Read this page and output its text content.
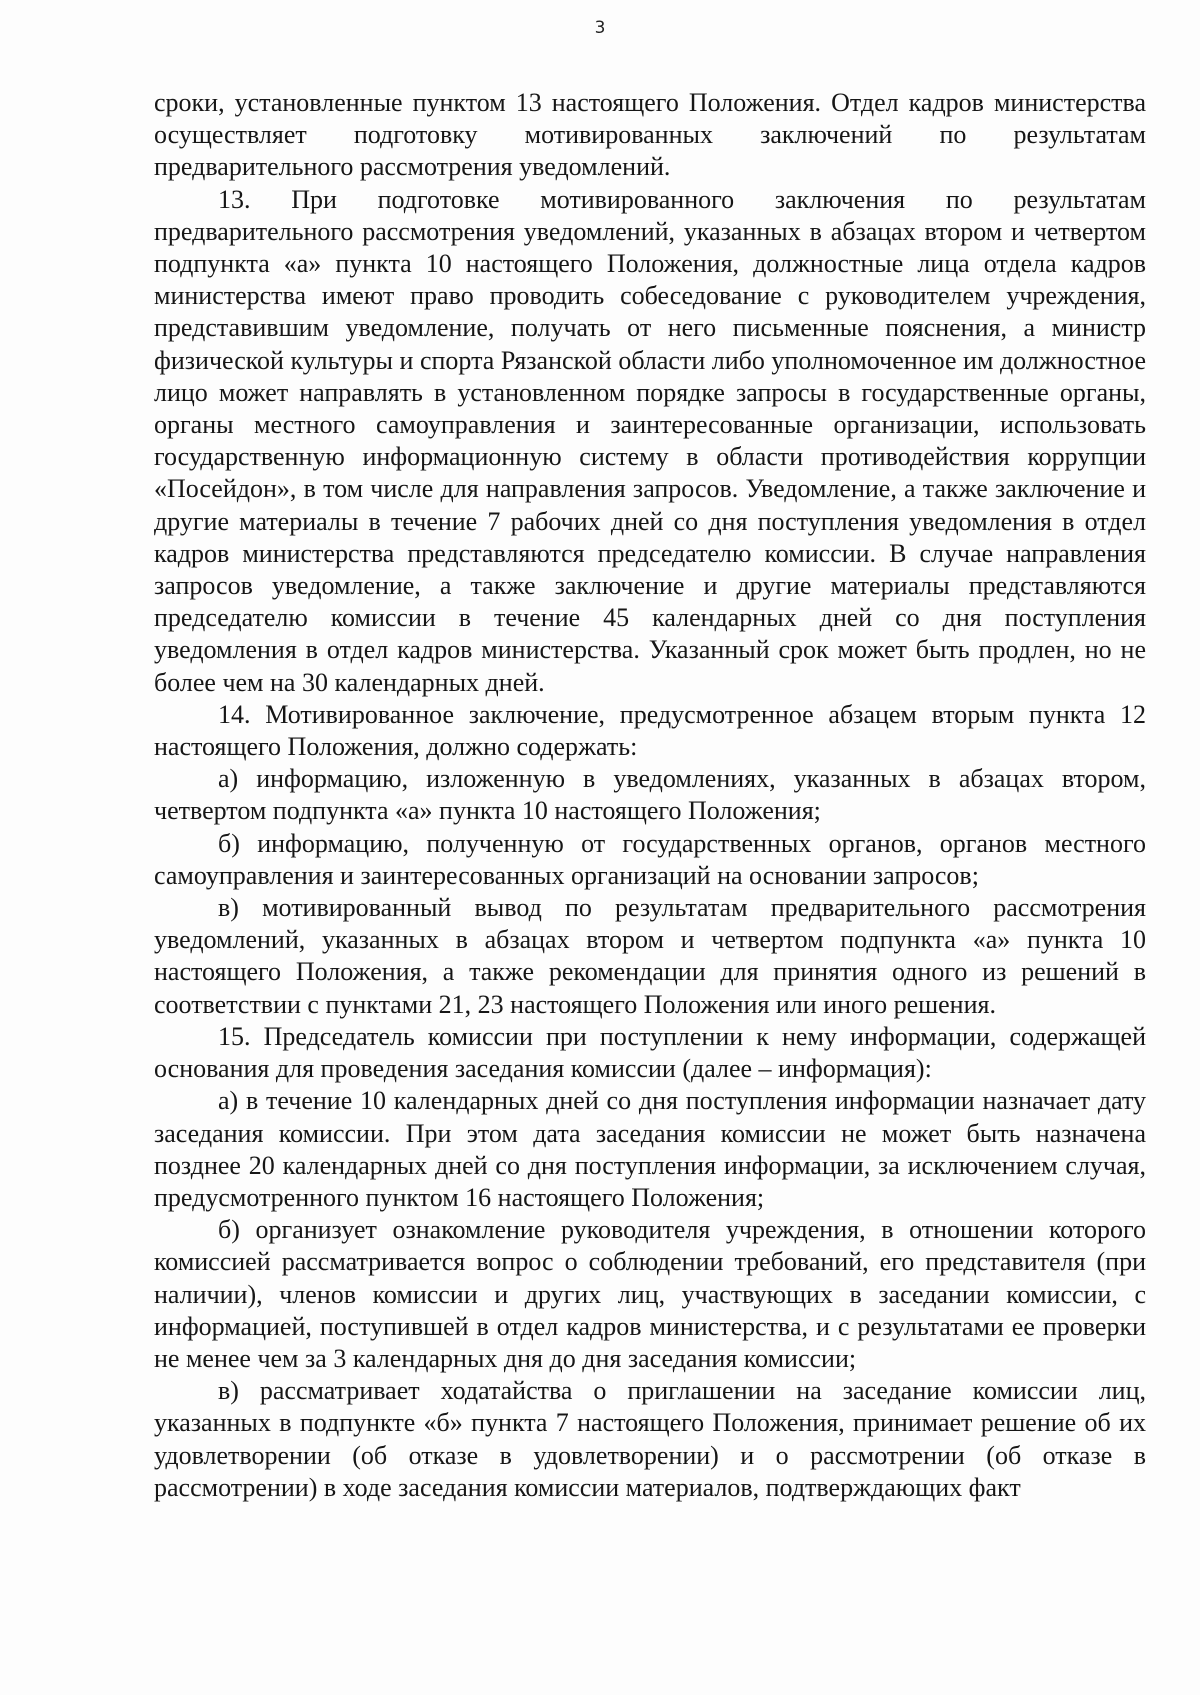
3

сроки, установленные пунктом 13 настоящего Положения. Отдел кадров министерства осуществляет подготовку мотивированных заключений по результатам предварительного рассмотрения уведомлений.

13. При подготовке мотивированного заключения по результатам предварительного рассмотрения уведомлений, указанных в абзацах втором и четвертом подпункта «а» пункта 10 настоящего Положения, должностные лица отдела кадров министерства имеют право проводить собеседование с руководителем учреждения, представившим уведомление, получать от него письменные пояснения, а министр физической культуры и спорта Рязанской области либо уполномоченное им должностное лицо может направлять в установленном порядке запросы в государственные органы, органы местного самоуправления и заинтересованные организации, использовать государственную информационную систему в области противодействия коррупции «Посейдон», в том числе для направления запросов. Уведомление, а также заключение и другие материалы в течение 7 рабочих дней со дня поступления уведомления в отдел кадров министерства представляются председателю комиссии. В случае направления запросов уведомление, а также заключение и другие материалы представляются председателю комиссии в течение 45 календарных дней со дня поступления уведомления в отдел кадров министерства. Указанный срок может быть продлен, но не более чем на 30 календарных дней.

14. Мотивированное заключение, предусмотренное абзацем вторым пункта 12 настоящего Положения, должно содержать:

а) информацию, изложенную в уведомлениях, указанных в абзацах втором, четвертом подпункта «а» пункта 10 настоящего Положения;

б) информацию, полученную от государственных органов, органов местного самоуправления и заинтересованных организаций на основании запросов;

в) мотивированный вывод по результатам предварительного рассмотрения уведомлений, указанных в абзацах втором и четвертом подпункта «а» пункта 10 настоящего Положения, а также рекомендации для принятия одного из решений в соответствии с пунктами 21, 23 настоящего Положения или иного решения.

15. Председатель комиссии при поступлении к нему информации, содержащей основания для проведения заседания комиссии (далее – информация):

а) в течение 10 календарных дней со дня поступления информации назначает дату заседания комиссии. При этом дата заседания комиссии не может быть назначена позднее 20 календарных дней со дня поступления информации, за исключением случая, предусмотренного пунктом 16 настоящего Положения;

б) организует ознакомление руководителя учреждения, в отношении которого комиссией рассматривается вопрос о соблюдении требований, его представителя (при наличии), членов комиссии и других лиц, участвующих в заседании комиссии, с информацией, поступившей в отдел кадров министерства, и с результатами ее проверки не менее чем за 3 календарных дня до дня заседания комиссии;

в) рассматривает ходатайства о приглашении на заседание комиссии лиц, указанных в подпункте «б» пункта 7 настоящего Положения, принимает решение об их удовлетворении (об отказе в удовлетворении) и о рассмотрении (об отказе в рассмотрении) в ходе заседания комиссии материалов, подтверждающих факт
